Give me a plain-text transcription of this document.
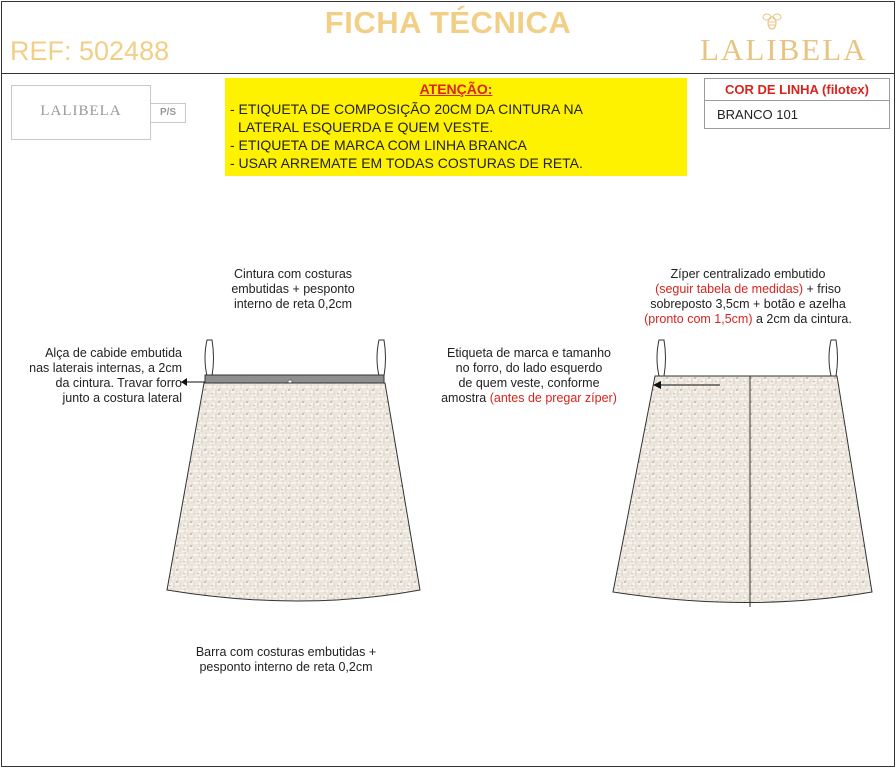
FICHA TÉCNICA
REF: 502488	LALIBELA
LALIBELA	P/S
ATENÇÃO:
- ETIQUETA DE COMPOSIÇÃO 20CM DA CINTURA NA
LATERAL ESQUERDA E QUEM VESTE.
- ETIQUETA DE MARCA COM LINHA BRANCA
- USAR ARREMATE EM TODAS COSTURAS DE RETA.
COR DE LINHA (filotex)
BRANCO 101
Cintura com costuras
embutidas + pesponto
interno de reta 0,2cm
Alça de cabide embutida
nas laterais internas, a 2cm
da cintura. Travar forro
junto a costura lateral
Barra com costuras embutidas +
pesponto interno de reta 0,2cm
Zíper centralizado embutido
(seguir tabela de medidas) + friso
sobreposto 3,5cm + botão e azelha
(pronto com 1,5cm) a 2cm da cintura.
Etiqueta de marca e tamanho
no forro, do lado esquerdo
de quem veste, conforme
amostra (antes de pregar zíper)
